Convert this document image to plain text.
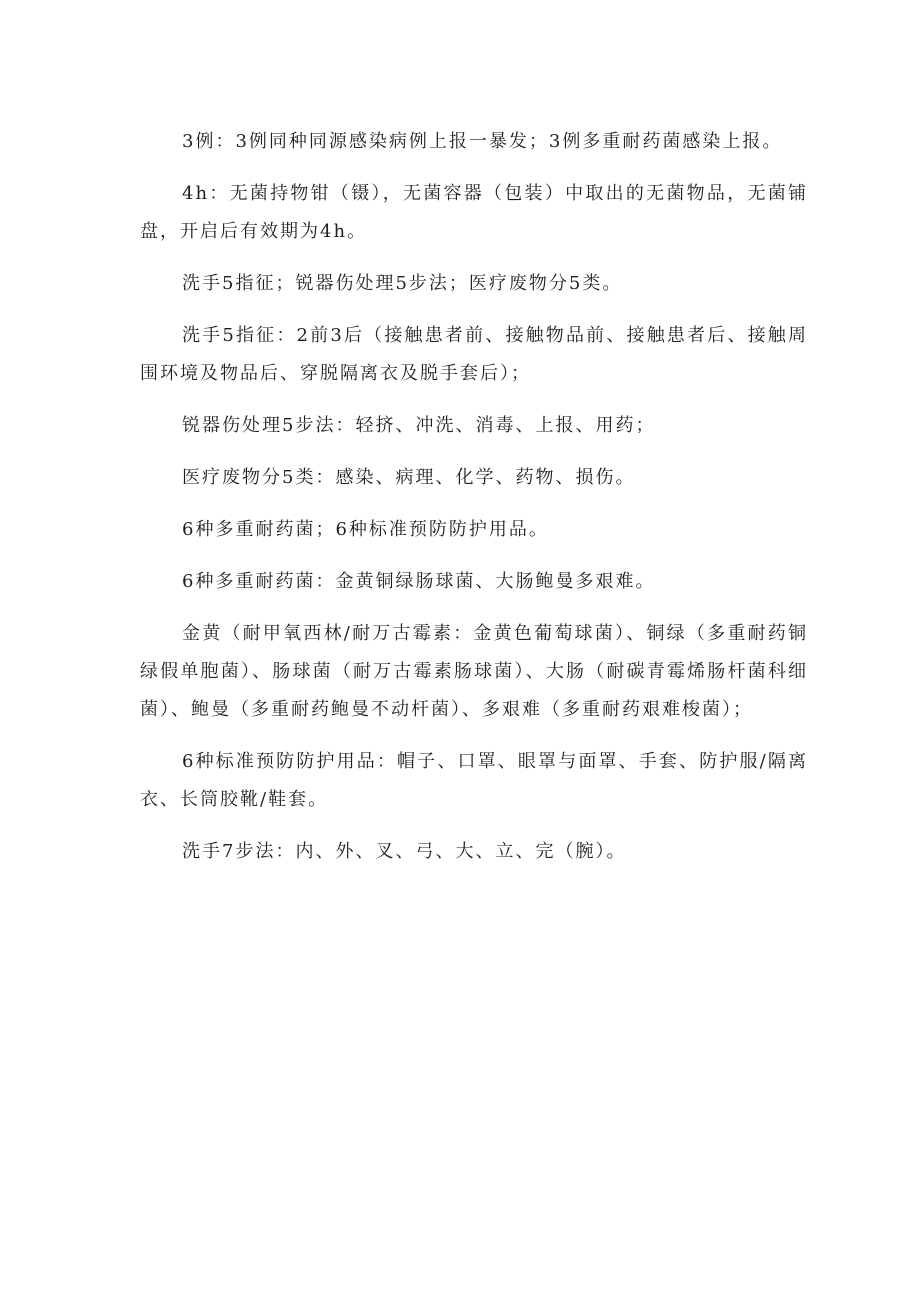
3例：3例同种同源感染病例上报一暴发；3例多重耐药菌感染上报。

4h：无菌持物钳（镊），无菌容器（包装）中取出的无菌物品，无菌铺盘，开启后有效期为4h。

洗手5指征；锐器伤处理5步法；医疗废物分5类。

洗手5指征：2前3后（接触患者前、接触物品前、接触患者后、接触周围环境及物品后、穿脱隔离衣及脱手套后）；

锐器伤处理5步法：轻挤、冲洗、消毒、上报、用药；

医疗废物分5类：感染、病理、化学、药物、损伤。

6种多重耐药菌；6种标准预防防护用品。

6种多重耐药菌：金黄铜绿肠球菌、大肠鲍曼多艰难。

金黄（耐甲氧西林/耐万古霉素：金黄色葡萄球菌）、铜绿（多重耐药铜绿假单胞菌）、肠球菌（耐万古霉素肠球菌）、大肠（耐碳青霉烯肠杆菌科细菌）、鲍曼（多重耐药鲍曼不动杆菌）、多艰难（多重耐药艰难梭菌）；

6种标准预防防护用品：帽子、口罩、眼罩与面罩、手套、防护服/隔离衣、长筒胶靴/鞋套。

洗手7步法：内、外、叉、弓、大、立、完（腕）。
